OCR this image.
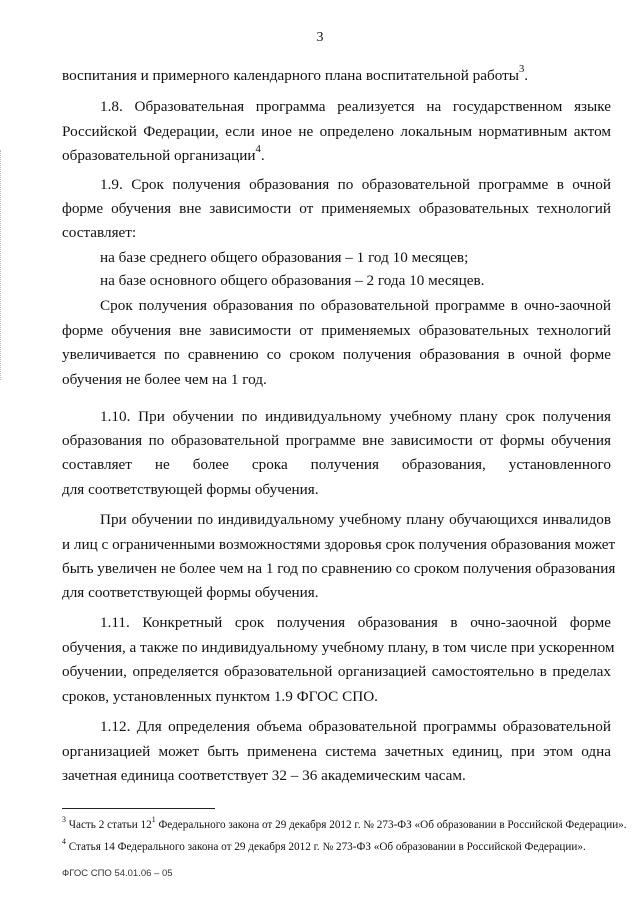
3
воспитания и примерного календарного плана воспитательной работы$^3$.
1.8. Образовательная программа реализуется на государственном языке
Российской Федерации, если иное не определено локальным нормативным актом
образовательной организации$^4$.
1.9. Срок получения образования по образовательной программе в очной
форме обучения вне зависимости от применяемых образовательных технологий
составляет:
на базе среднего общего образования – 1 год 10 месяцев;
на базе основного общего образования – 2 года 10 месяцев.
Срок получения образования по образовательной программе в очно-заочной
форме обучения вне зависимости от применяемых образовательных технологий
увеличивается по сравнению со сроком получения образования в очной форме
обучения не более чем на 1 год.
1.10. При обучении по индивидуальному учебному плану срок получения
образования по образовательной программе вне зависимости от формы обучения
составляет не более срока получения образования, установленного
для соответствующей формы обучения.
При обучении по индивидуальному учебному плану обучающихся инвалидов
и лиц с ограниченными возможностями здоровья срок получения образования может
быть увеличен не более чем на 1 год по сравнению со сроком получения образования
для соответствующей формы обучения.
1.11. Конкретный срок получения образования в очно-заочной форме
обучения, а также по индивидуальному учебному плану, в том числе при ускоренном
обучении, определяется образовательной организацией самостоятельно в пределах
сроков, установленных пунктом 1.9 ФГОС СПО.
1.12. Для определения объема образовательной программы образовательной
организацией может быть применена система зачетных единиц, при этом одна
зачетная единица соответствует 32 – 36 академическим часам.
$^3$ Часть 2 статьи $12^1$ Федерального закона от 29 декабря 2012 г. № 273-ФЗ «Об образовании в Российской Федерации».
$^4$ Статья 14 Федерального закона от 29 декабря 2012 г. № 273-ФЗ «Об образовании в Российской Федерации».
ФГОС СПО 54.01.06 – 05
